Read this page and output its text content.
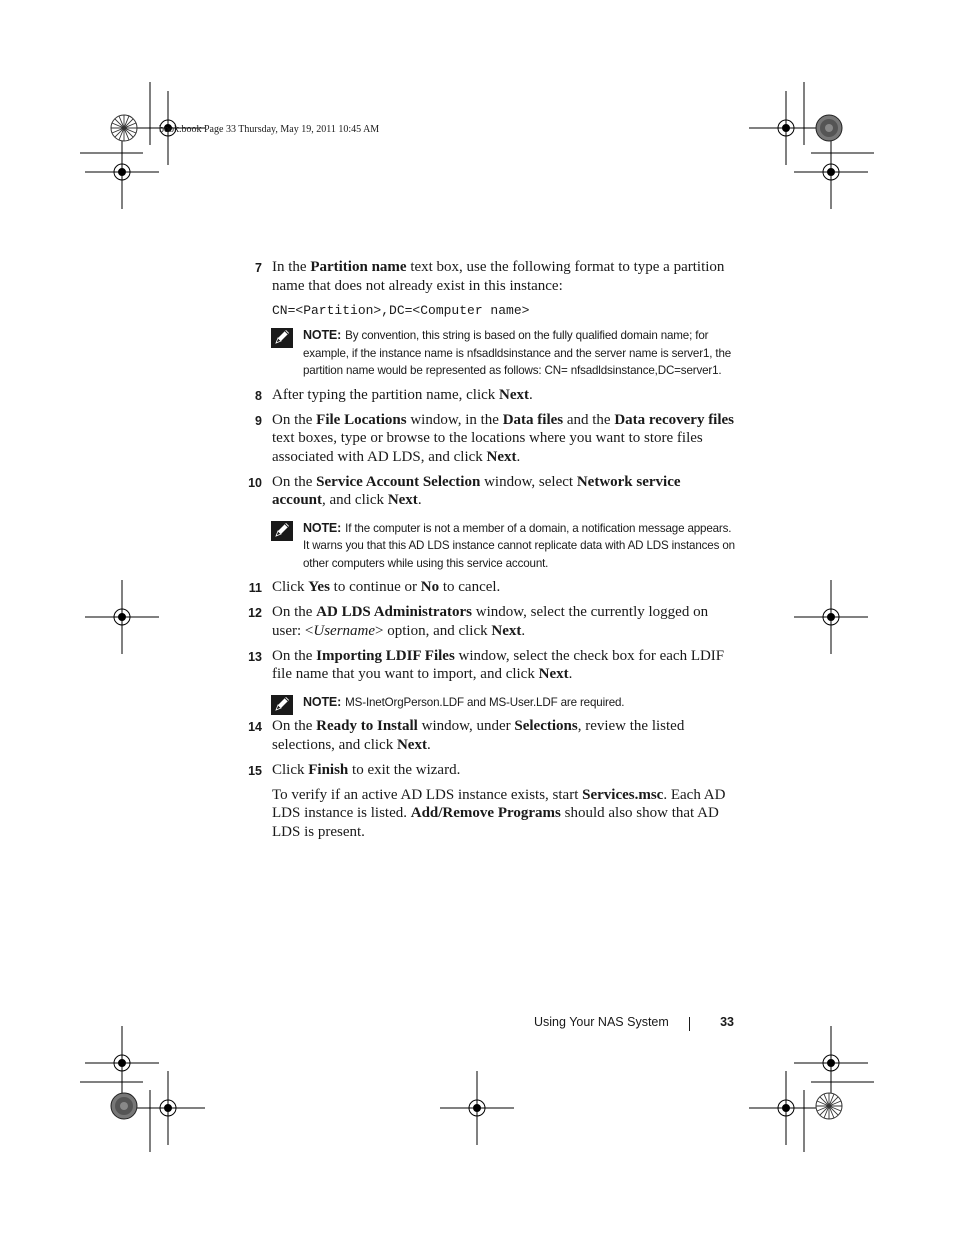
book.book Page 33 Thursday, May 19, 2011 10:45 AM
7 In the Partition name text box, use the following format to type a partition name that does not already exist in this instance:
CN=<Partition>,DC=<Computer name>
NOTE: By convention, this string is based on the fully qualified domain name; for example, if the instance name is nfsadldsinstance and the server name is server1, the partition name would be represented as follows: CN= nfsadldsinstance,DC=server1.
8 After typing the partition name, click Next.
9 On the File Locations window, in the Data files and the Data recovery files text boxes, type or browse to the locations where you want to store files associated with AD LDS, and click Next.
10 On the Service Account Selection window, select Network service account, and click Next.
NOTE: If the computer is not a member of a domain, a notification message appears. It warns you that this AD LDS instance cannot replicate data with AD LDS instances on other computers while using this service account.
11 Click Yes to continue or No to cancel.
12 On the AD LDS Administrators window, select the currently logged on user: <Username> option, and click Next.
13 On the Importing LDIF Files window, select the check box for each LDIF file name that you want to import, and click Next.
NOTE: MS-InetOrgPerson.LDF and MS-User.LDF are required.
14 On the Ready to Install window, under Selections, review the listed selections, and click Next.
15 Click Finish to exit the wizard.
To verify if an active AD LDS instance exists, start Services.msc. Each AD LDS instance is listed. Add/Remove Programs should also show that AD LDS is present.
Using Your NAS System	33
